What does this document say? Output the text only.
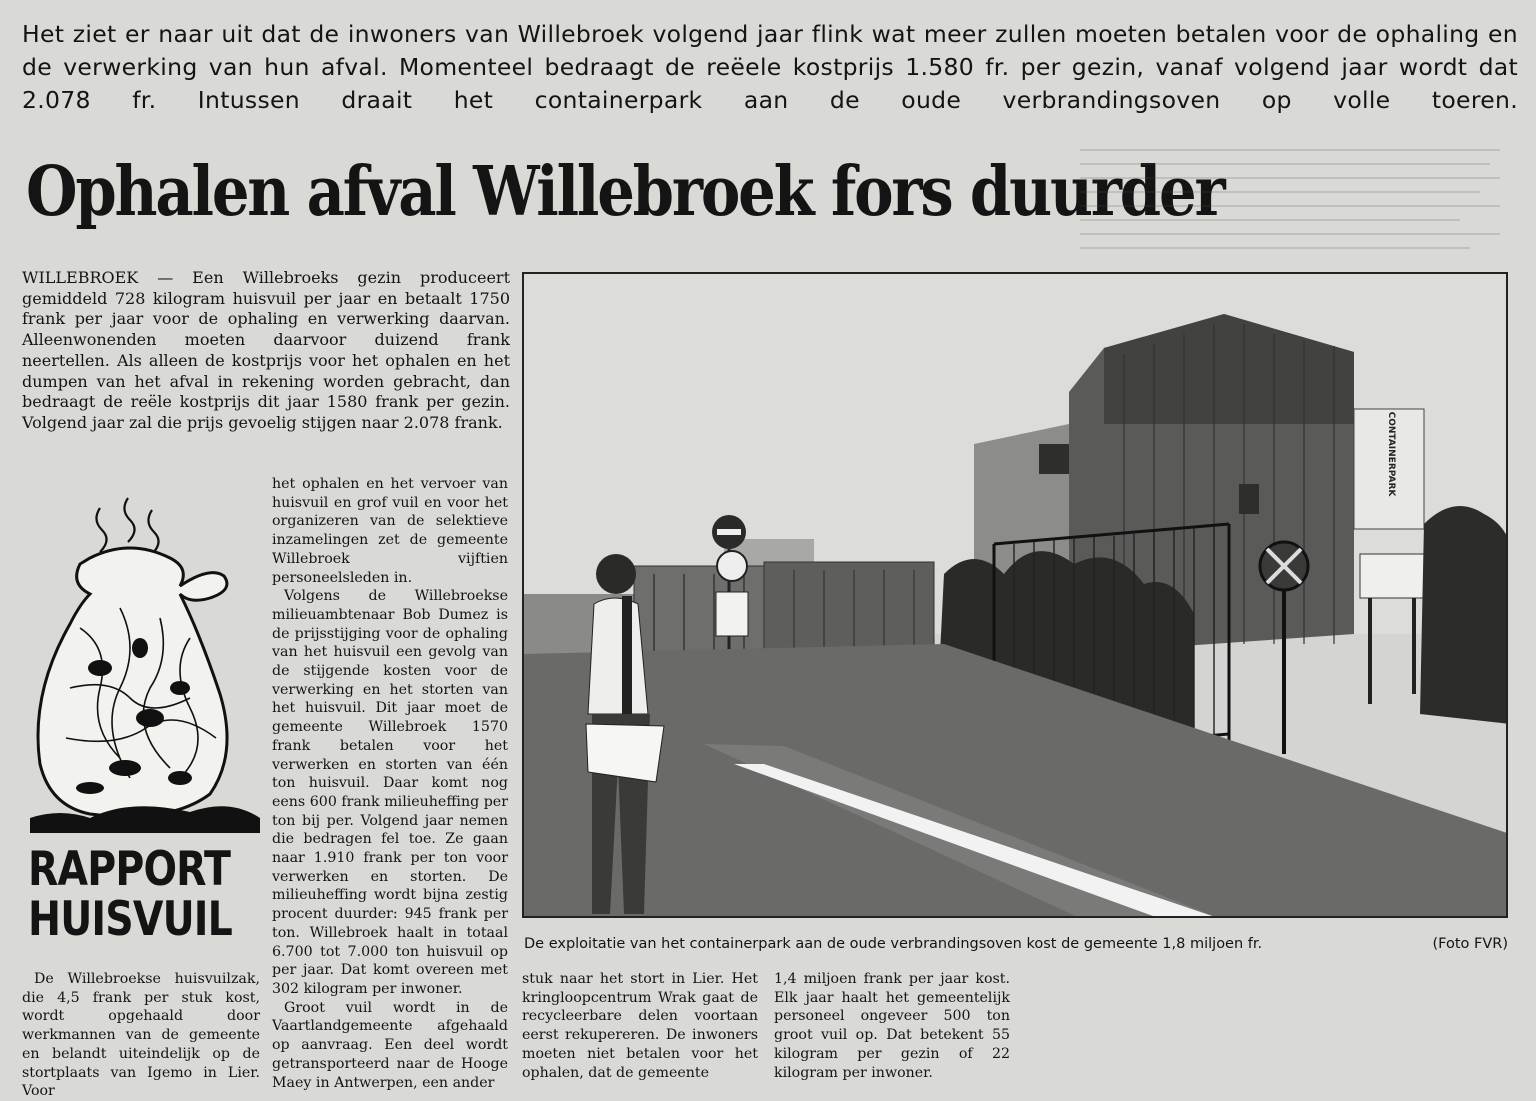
Het ziet er naar uit dat de inwoners van Willebroek volgend jaar flink wat meer zullen moeten betalen voor de ophaling en de verwerking van hun afval. Momenteel bedraagt de reëele kostprijs 1.580 fr. per gezin, vanaf volgend jaar wordt dat 2.078 fr. Intussen draait het containerpark aan de oude verbrandingsoven op volle toeren.
Ophalen afval Willebroek fors duurder

WILLEBROEK — Een Willebroeks gezin produceert gemiddeld 728 kilogram huisvuil per jaar en betaalt 1750 frank per jaar voor de ophaling en verwerking daarvan. Alleenwonenden moeten daarvoor duizend frank neertellen. Als alleen de kostprijs voor het ophalen en het dumpen van het afval in rekening worden gebracht, dan bedraagt de reële kostprijs dit jaar 1580 frank per gezin. Volgend jaar zal die prijs gevoelig stijgen naar 2.078 frank.

het ophalen en het vervoer van huisvuil en grof vuil en voor het organizeren van de selektieve inzamelingen zet de gemeente Willebroek vijftien personeelsleden in.

Volgens de Willebroekse milieuambtenaar Bob Dumez is de prijsstijging voor de ophaling van het huisvuil een gevolg van de stijgende kosten voor de verwerking en het storten van het huisvuil. Dit jaar moet de gemeente Willebroek 1570 frank betalen voor het verwerken en storten van één ton huisvuil. Daar komt nog eens 600 frank milieuheffing per ton bij per. Volgend jaar nemen die bedragen fel toe. Ze gaan naar 1.910 frank per ton voor verwerken en storten. De milieuheffing wordt bijna zestig procent duurder: 945 frank per ton. Willebroek haalt in totaal 6.700 tot 7.000 ton huisvuil op per jaar. Dat komt overeen met 302 kilogram per inwoner.

Groot vuil wordt in de Vaartlandgemeente afgehaald op aanvraag. Een deel wordt getransporteerd naar de Hooge Maey in Antwerpen, een ander

RAPPORT
HUISVUIL
CONTAINERPARK
De exploitatie van het containerpark aan de oude verbrandingsoven kost de gemeente 1,8 miljoen fr.	(Foto FVR)

De Willebroekse huisvuilzak, die 4,5 frank per stuk kost, wordt opgehaald door werkmannen van de gemeente en belandt uiteindelijk op de stortplaats van Igemo in Lier. Voor

stuk naar het stort in Lier. Het kringloopcentrum Wrak gaat de recycleerbare delen voortaan eerst rekupereren. De inwoners moeten niet betalen voor het ophalen, dat de gemeente

1,4 miljoen frank per jaar kost. Elk jaar haalt het gemeentelijk personeel ongeveer 500 ton groot vuil op. Dat betekent 55 kilogram per gezin of 22 kilogram per inwoner.
